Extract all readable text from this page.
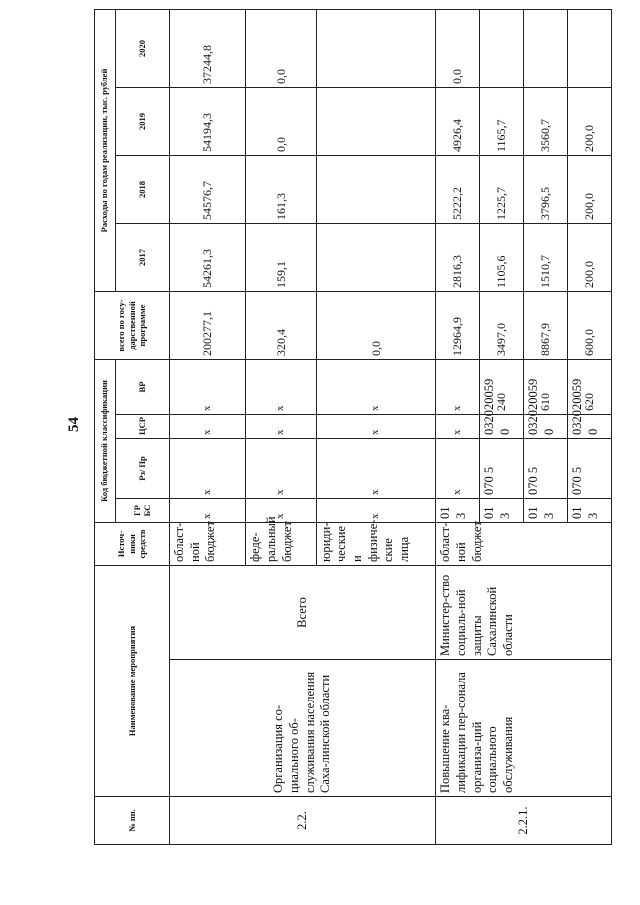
54
№ пп.	Наименование мероприятия		Источ-ники средств	Код бюджетной классификации				всего по госу-дарственной программе	Расходы по годам реализации, тыс. рублей			
				ГР БС	Рз/ Пр	ЦСР	ВР		2017	2018	2019	2020
2.2.	Организация со-циального об-служивания населения Саха-линской области	Всего	област-ной бюджет	x	x	x	x	200277,1	54261,3	54576,7	54194,3	37244,8
			феде-ральный бюджет	x	x	x	x	320,4	159,1	161,3	0,0	0,0
			юриди-ческие и физиче-ские лица	x	x	x	x	0,0				
2.2.1.	Повышение ква-лификации пер-сонала организа-ций социального обслуживания	Министер-ство социаль-ной защиты Сахалинской области	област-ной бюджет	01 3	x	x	x	12964,9	2816,3	5222,2	4926,4	0,0
				01 3	070 5	032020059 0	240	3497,0	1105,6	1225,7	1165,7	
				01 3	070 5	032020059 0	610	8867,9	1510,7	3796,5	3560,7	
				01 3	070 5	032020059 0	620	600,0	200,0	200,0	200,0	
